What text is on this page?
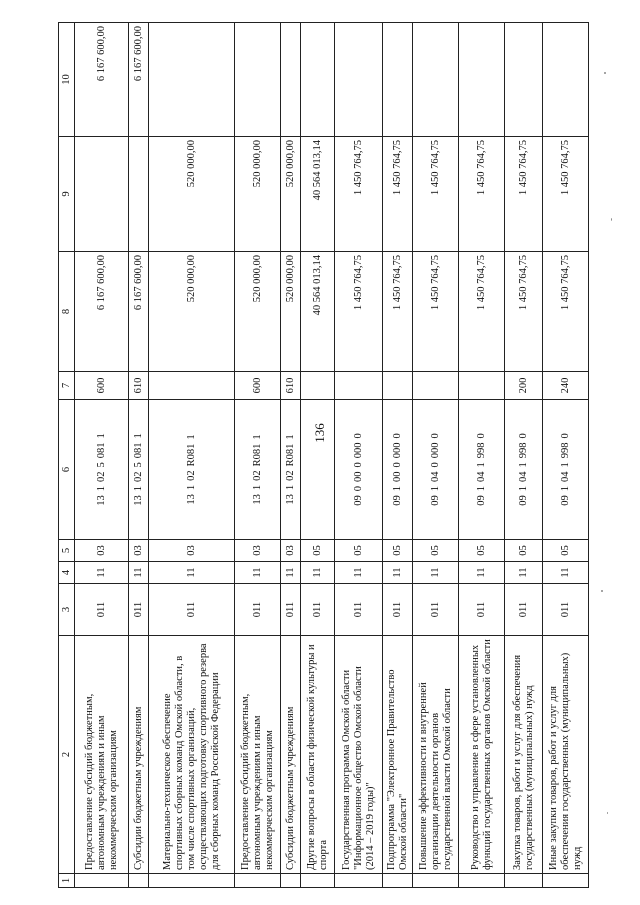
136
1	2	3	4	5	6	7	8	9	10
	Предоставление субсидий бюджетным, автономным учреждениям и иным некоммерческим организациям	011	11	03	1310250811	600	6 167 600,00		6 167 600,00
	Субсидии бюджетным учреждениям	011	11	03	1310250811	610	6 167 600,00		6 167 600,00
	Материально-техническое обеспечение спортивных сборных команд Омской области, в том числе спортивных организаций, осуществляющих подготовку спортивного резерва для сборных команд Российской Федерации	011	11	03	13102R0811		520 000,00	520 000,00	
	Предоставление субсидий бюджетным, автономным учреждениям и иным некоммерческим организациям	011	11	03	13102R0811	600	520 000,00	520 000,00	
	Субсидии бюджетным учреждениям	011	11	03	13102R0811	610	520 000,00	520 000,00	
	Другие вопросы в области физической культуры и спорта	011	11	05			40 564 013,14	40 564 013,14	
	Государственная программа Омской области "Информационное общество Омской области (2014 – 2019 годы)"	011	11	05	0900000000		1 450 764,75	1 450 764,75	
	Подпрограмма "Электронное Правительство Омской области"	011	11	05	0910000000		1 450 764,75	1 450 764,75	
	Повышение эффективности и внутренней организации деятельности органов государственной власти Омской области	011	11	05	0910400000		1 450 764,75	1 450 764,75	
	Руководство и управление в сфере установленных функций государственных органов Омской области	011	11	05	0910419980		1 450 764,75	1 450 764,75	
	Закупка товаров, работ и услуг для обеспечения государственных (муниципальных) нужд	011	11	05	0910419980	200	1 450 764,75	1 450 764,75	
	Иные закупки товаров, работ и услуг для обеспечения государственных (муниципальных) нужд	011	11	05	0910419980	240	1 450 764,75	1 450 764,75	
